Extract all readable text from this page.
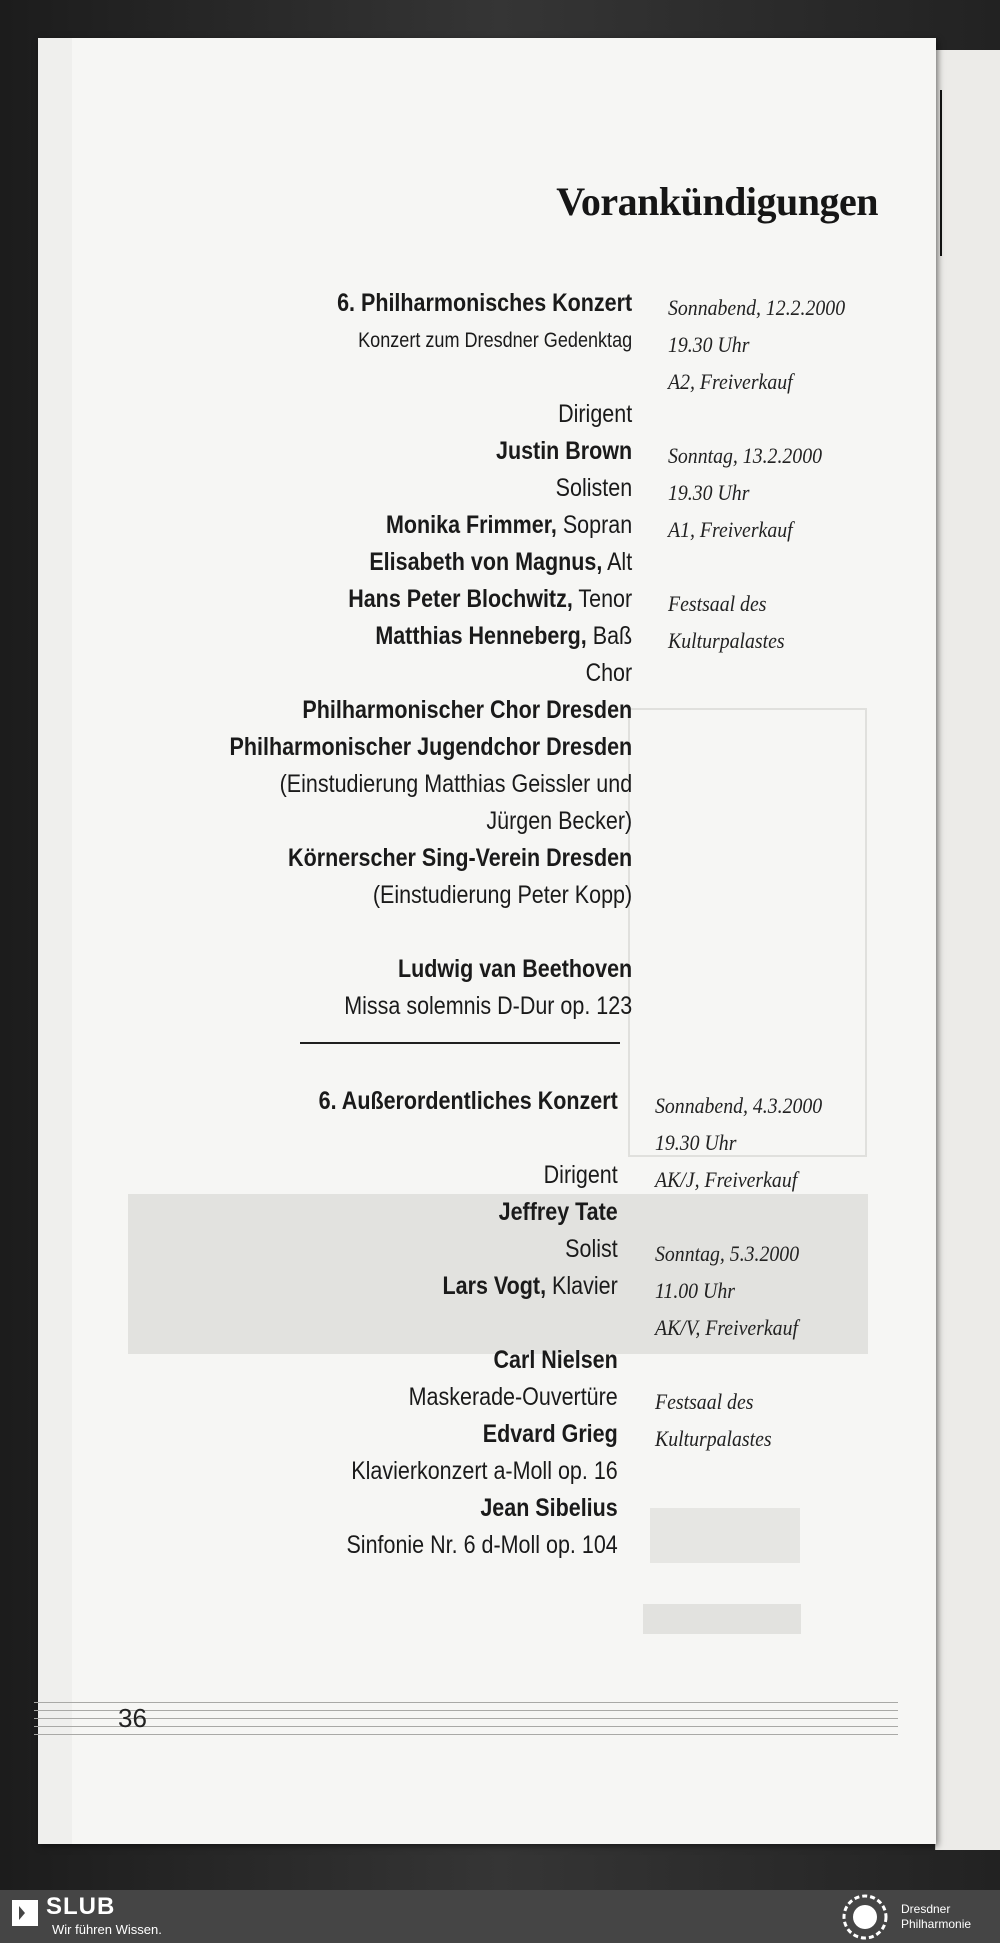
Vorankündigungen
6. Philharmonisches Konzert
Konzert zum Dresdner Gedenktag
Dirigent
Justin Brown
Solisten
Monika Frimmer, Sopran
Elisabeth von Magnus, Alt
Hans Peter Blochwitz, Tenor
Matthias Henneberg, Baß
Chor
Philharmonischer Chor Dresden
Philharmonischer Jugendchor Dresden
(Einstudierung Matthias Geissler und
Jürgen Becker)
Körnerscher Sing-Verein Dresden
(Einstudierung Peter Kopp)
Ludwig van Beethoven
Missa solemnis D-Dur op. 123
Sonnabend, 12.2.2000
19.30 Uhr
A2, Freiverkauf
Sonntag, 13.2.2000
19.30 Uhr
A1, Freiverkauf
Festsaal des
Kulturpalastes
6. Außerordentliches Konzert
Dirigent
Jeffrey Tate
Solist
Lars Vogt, Klavier
Carl Nielsen
Maskerade-Ouvertüre
Edvard Grieg
Klavierkonzert a-Moll op. 16
Jean Sibelius
Sinfonie Nr. 6 d-Moll op. 104
Sonnabend, 4.3.2000
19.30 Uhr
AK/J, Freiverkauf
Sonntag, 5.3.2000
11.00 Uhr
AK/V, Freiverkauf
Festsaal des
Kulturpalastes
36
SLUB
Wir führen Wissen.
Dresdner
Philharmonie
